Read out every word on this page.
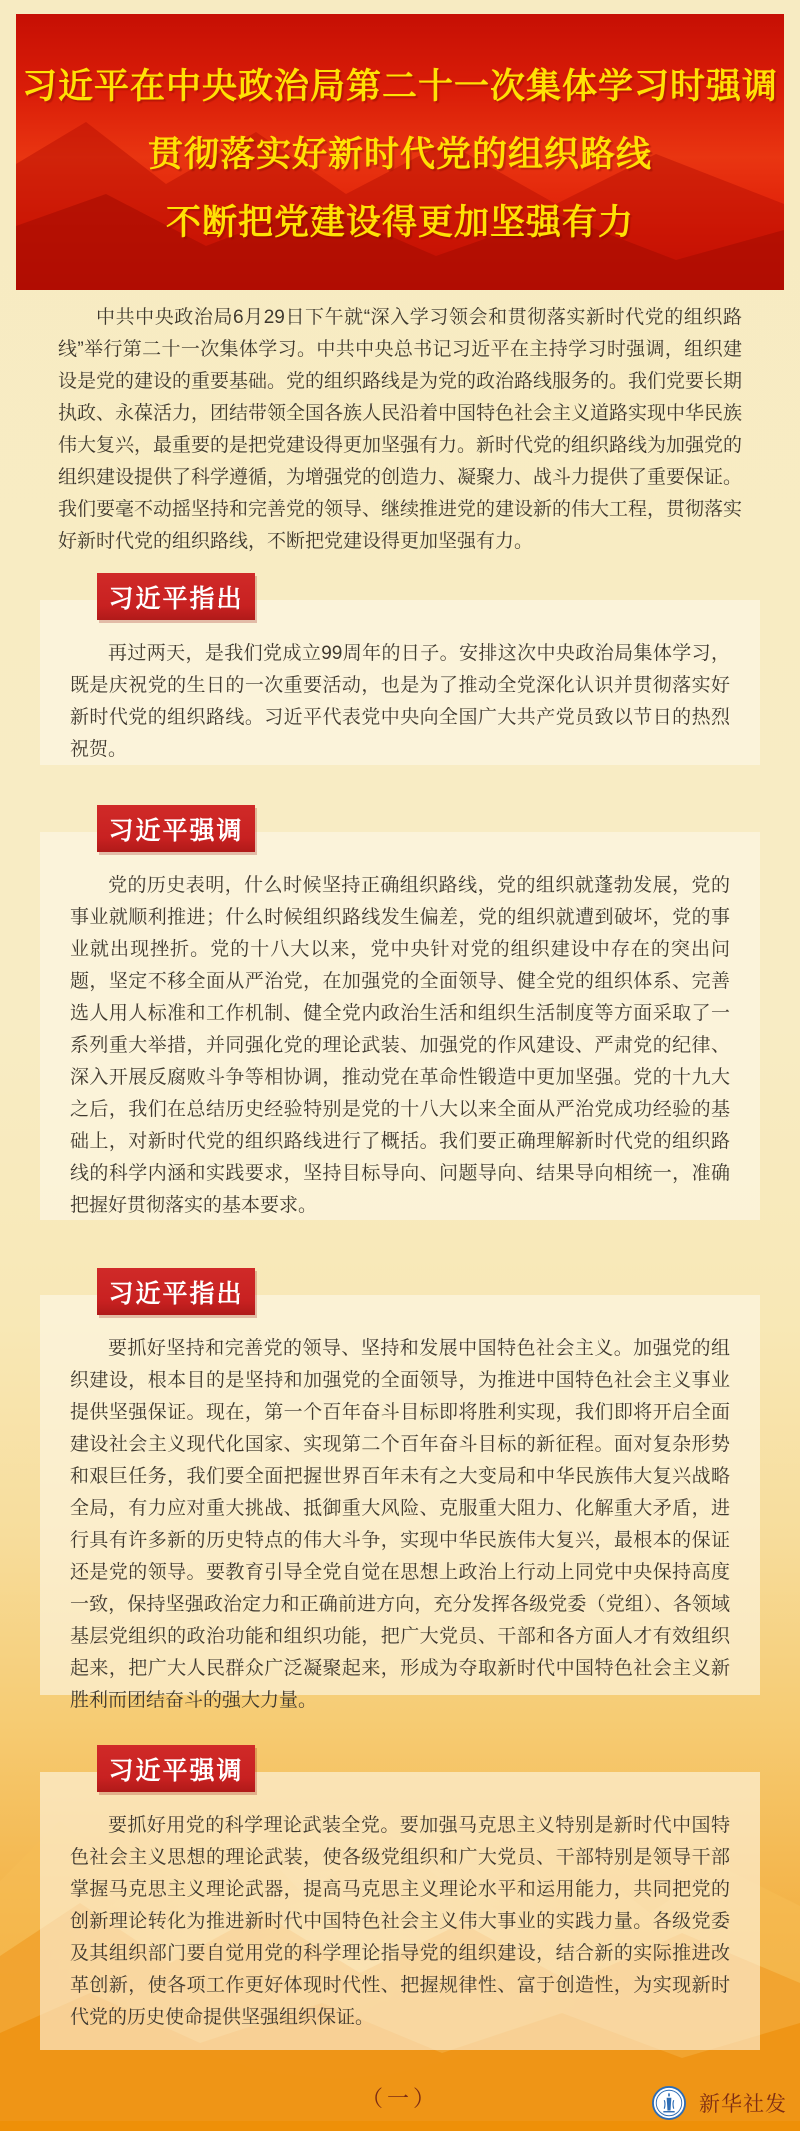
习近平在中央政治局第二十一次集体学习时强调
贯彻落实好新时代党的组织路线
不断把党建设得更加坚强有力

中共中央政治局6月29日下午就“深入学习领会和贯彻落实新时代党的组织路线”举行第二十一次集体学习。中共中央总书记习近平在主持学习时强调，组织建设是党的建设的重要基础。党的组织路线是为党的政治路线服务的。我们党要长期执政、永葆活力，团结带领全国各族人民沿着中国特色社会主义道路实现中华民族伟大复兴，最重要的是把党建设得更加坚强有力。新时代党的组织路线为加强党的组织建设提供了科学遵循，为增强党的创造力、凝聚力、战斗力提供了重要保证。我们要毫不动摇坚持和完善党的领导、继续推进党的建设新的伟大工程，贯彻落实好新时代党的组织路线，不断把党建设得更加坚强有力。

习近平指出

再过两天，是我们党成立99周年的日子。安排这次中央政治局集体学习，既是庆祝党的生日的一次重要活动，也是为了推动全党深化认识并贯彻落实好新时代党的组织路线。习近平代表党中央向全国广大共产党员致以节日的热烈祝贺。

习近平强调

党的历史表明，什么时候坚持正确组织路线，党的组织就蓬勃发展，党的事业就顺利推进；什么时候组织路线发生偏差，党的组织就遭到破坏，党的事业就出现挫折。党的十八大以来，党中央针对党的组织建设中存在的突出问题，坚定不移全面从严治党，在加强党的全面领导、健全党的组织体系、完善选人用人标准和工作机制、健全党内政治生活和组织生活制度等方面采取了一系列重大举措，并同强化党的理论武装、加强党的作风建设、严肃党的纪律、深入开展反腐败斗争等相协调，推动党在革命性锻造中更加坚强。党的十九大之后，我们在总结历史经验特别是党的十八大以来全面从严治党成功经验的基础上，对新时代党的组织路线进行了概括。我们要正确理解新时代党的组织路线的科学内涵和实践要求，坚持目标导向、问题导向、结果导向相统一，准确把握好贯彻落实的基本要求。

习近平指出

要抓好坚持和完善党的领导、坚持和发展中国特色社会主义。加强党的组织建设，根本目的是坚持和加强党的全面领导，为推进中国特色社会主义事业提供坚强保证。现在，第一个百年奋斗目标即将胜利实现，我们即将开启全面建设社会主义现代化国家、实现第二个百年奋斗目标的新征程。面对复杂形势和艰巨任务，我们要全面把握世界百年未有之大变局和中华民族伟大复兴战略全局，有力应对重大挑战、抵御重大风险、克服重大阻力、化解重大矛盾，进行具有许多新的历史特点的伟大斗争，实现中华民族伟大复兴，最根本的保证还是党的领导。要教育引导全党自觉在思想上政治上行动上同党中央保持高度一致，保持坚强政治定力和正确前进方向，充分发挥各级党委（党组）、各领域基层党组织的政治功能和组织功能，把广大党员、干部和各方面人才有效组织起来，把广大人民群众广泛凝聚起来，形成为夺取新时代中国特色社会主义新胜利而团结奋斗的强大力量。

习近平强调

要抓好用党的科学理论武装全党。要加强马克思主义特别是新时代中国特色社会主义思想的理论武装，使各级党组织和广大党员、干部特别是领导干部掌握马克思主义理论武器，提高马克思主义理论水平和运用能力，共同把党的创新理论转化为推进新时代中国特色社会主义伟大事业的实践力量。各级党委及其组织部门要自觉用党的科学理论指导党的组织建设，结合新的实际推进改革创新，使各项工作更好体现时代性、把握规律性、富于创造性，为实现新时代党的历史使命提供坚强组织保证。

（一）	新华社发
